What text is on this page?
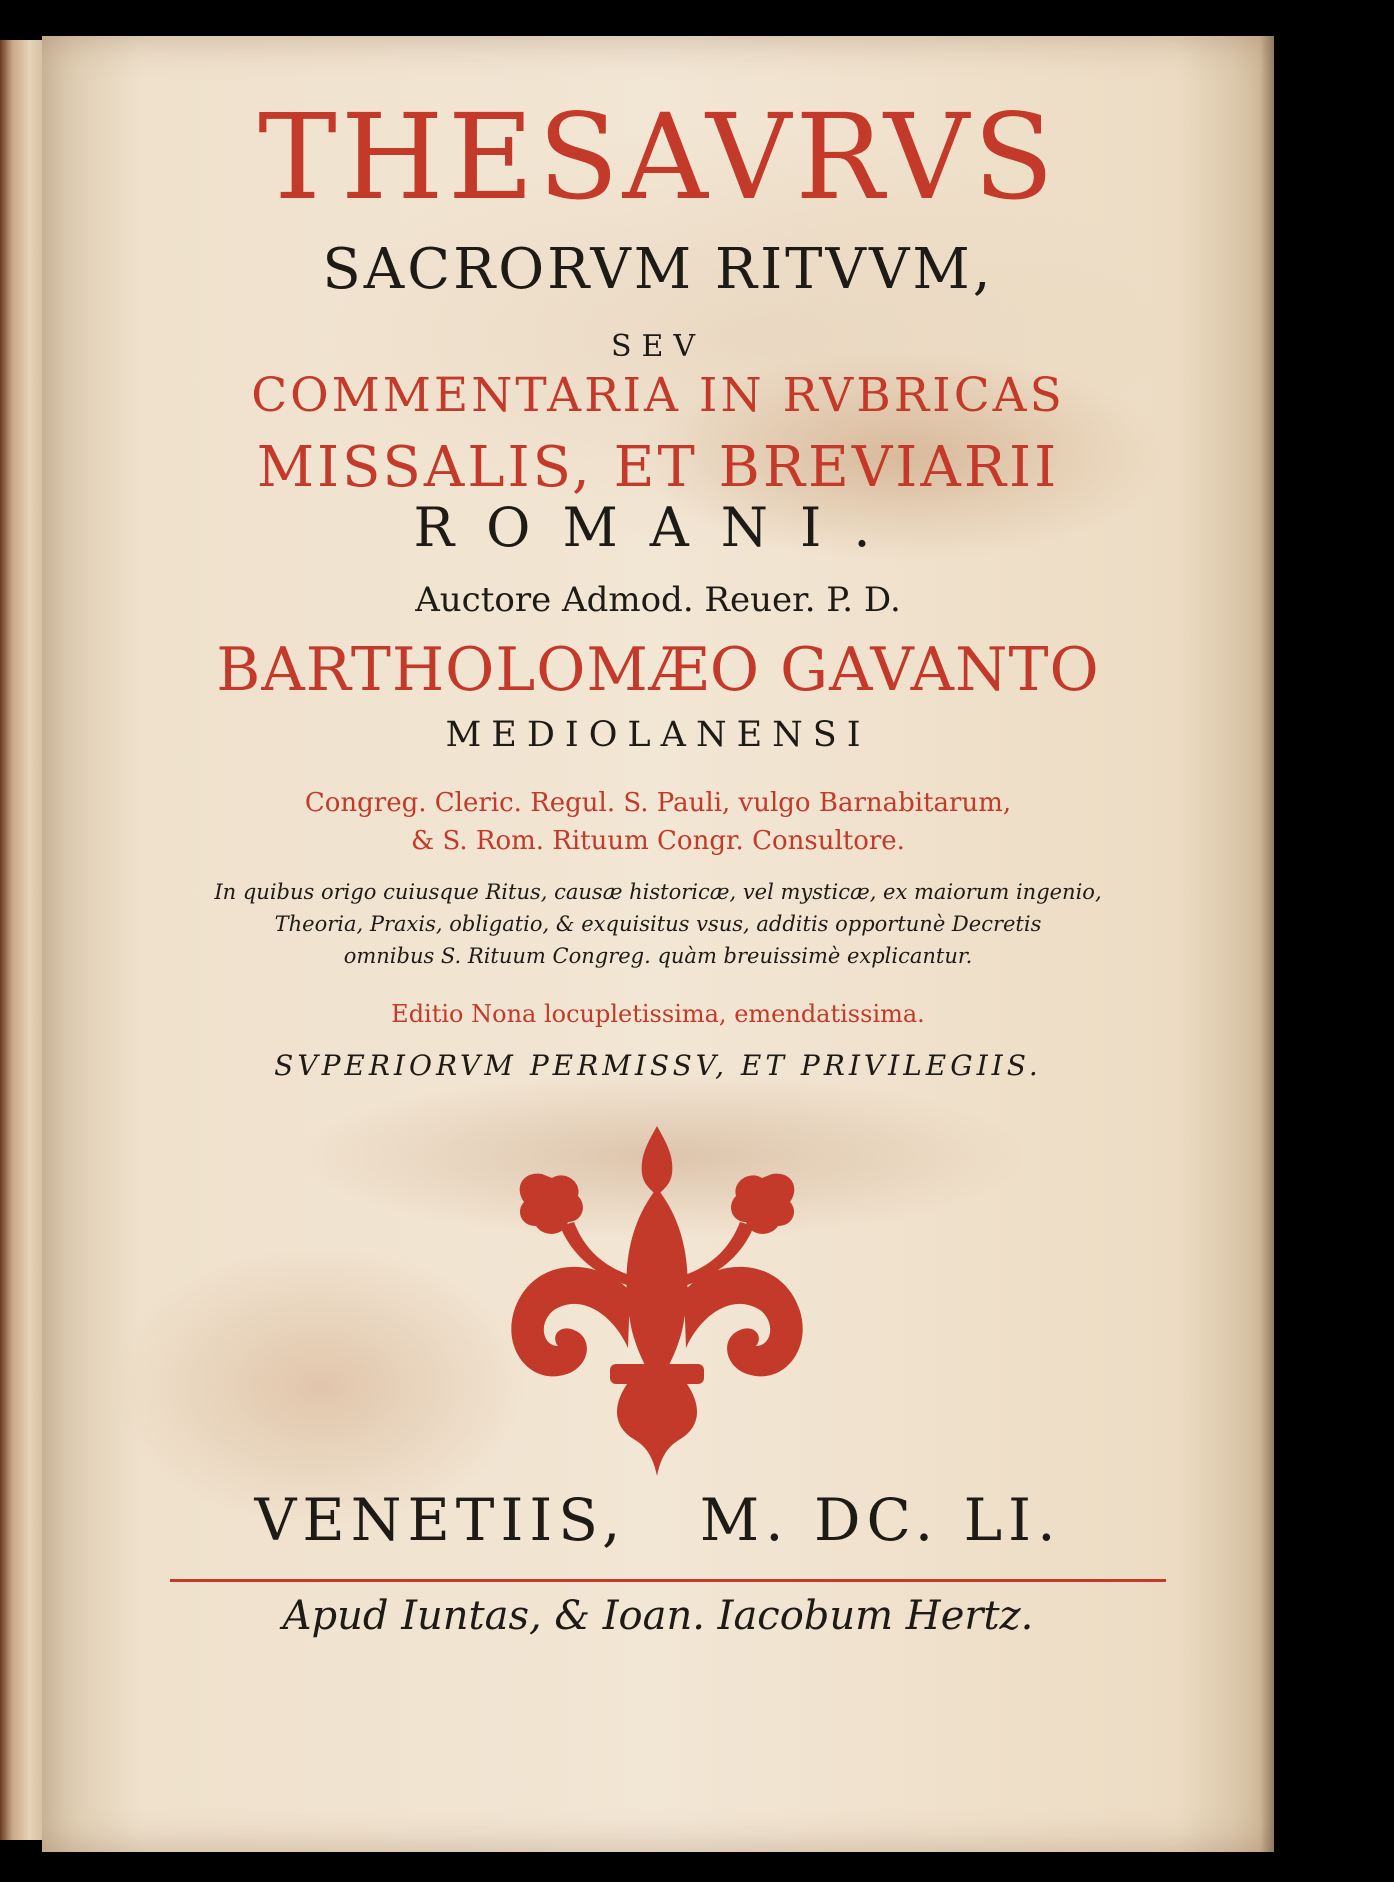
THESAVRVS
SACRORVM RITVVM,
SEV
COMMENTARIA IN RVBRICAS
MISSALIS, ET BREVIARII
ROMANI.
Auctore Admod. Reuer. P. D.
BARTHOLOMÆO GAVANTO
MEDIOLANENSI
Congreg. Cleric. Regul. S. Pauli, vulgo Barnabitarum,
& S. Rom. Rituum Congr. Consultore.
In quibus origo cuiusque Ritus, causæ historicæ, vel mysticæ, ex maiorum ingenio,
Theoria, Praxis, obligatio, & exquisitus vsus, additis opportunè Decretis
omnibus S. Rituum Congreg. quàm breuissimè explicantur.
Editio Nona locupletissima, emendatissima.
SVPERIORVM PERMISSV, ET PRIVILEGIIS.
VENETIIS,   M. DC. LI.
Apud Iuntas, & Ioan. Iacobum Hertz.
